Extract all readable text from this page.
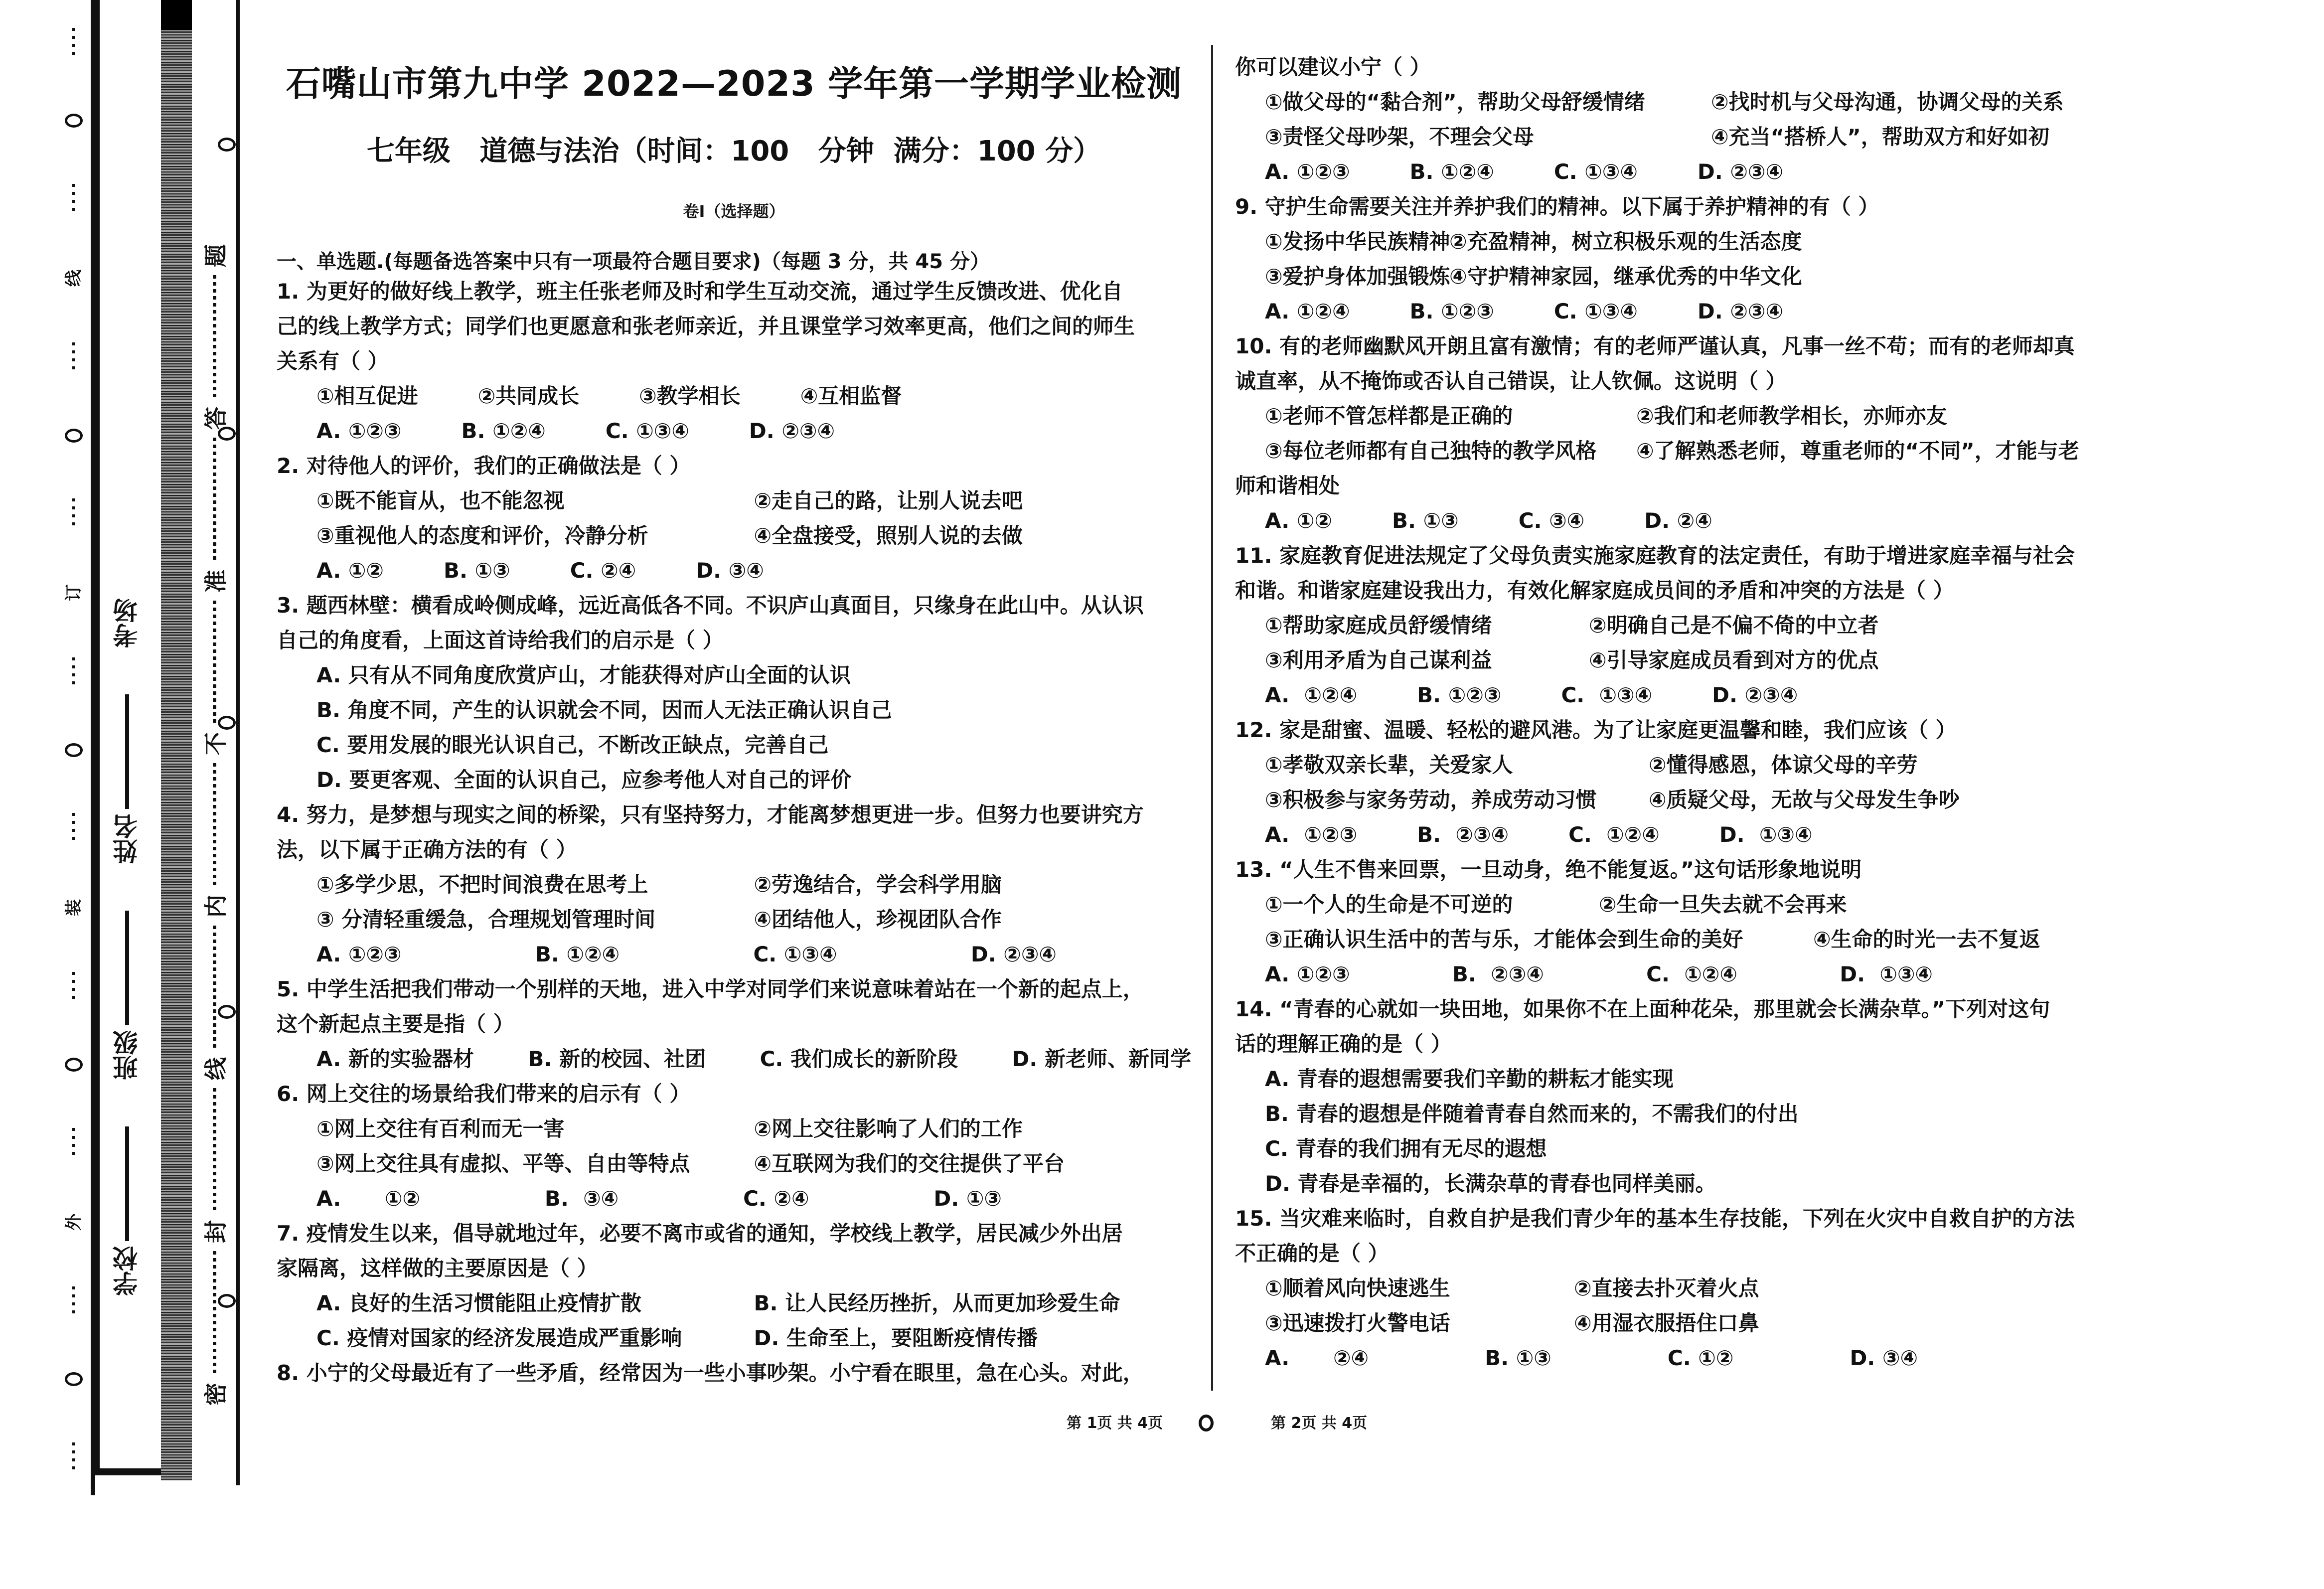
线
订
装
外
学校
班级
姓名
考场
密
封
线
内
不
准
答
题
石嘴山市第九中学 2022—2023 学年第一学期学业检测
七年级   道德与法治（时间：100   分钟  满分：100 分）
卷Ⅰ（选择题）
一、单选题.(每题备选答案中只有一项最符合题目要求)（每题 3 分，共 45 分）
1. 为更好的做好线上教学，班主任张老师及时和学生互动交流，通过学生反馈改进、优化自
己的线上教学方式；同学们也更愿意和张老师亲近，并且课堂学习效率更高，他们之间的师生
关系有（ ）
①相互促进	②共同成长	③教学相长	④互相监督
A. ①②③	B. ①②④	C. ①③④	D. ②③④
2. 对待他人的评价，我们的正确做法是（ ）
①既不能盲从，也不能忽视	②走自己的路，让别人说去吧
③重视他人的态度和评价，冷静分析	④全盘接受，照别人说的去做
A. ①②	B. ①③	C. ②④	D. ③④
3. 题西林壁：横看成岭侧成峰，远近高低各不同。不识庐山真面目，只缘身在此山中。从认识
自己的角度看，上面这首诗给我们的启示是（ ）
A. 只有从不同角度欣赏庐山，才能获得对庐山全面的认识
B. 角度不同，产生的认识就会不同，因而人无法正确认识自己
C. 要用发展的眼光认识自己，不断改正缺点，完善自己
D. 要更客观、全面的认识自己，应参考他人对自己的评价
4. 努力，是梦想与现实之间的桥梁，只有坚持努力，才能离梦想更进一步。但努力也要讲究方
法，以下属于正确方法的有（ ）
①多学少思，不把时间浪费在思考上	②劳逸结合，学会科学用脑
③ 分清轻重缓急，合理规划管理时间	④团结他人，珍视团队合作
A. ①②③	B. ①②④	C. ①③④	D. ②③④
5. 中学生活把我们带动一个别样的天地，进入中学对同学们来说意味着站在一个新的起点上，
这个新起点主要是指（ ）
A. 新的实验器材	B. 新的校园、社团	C. 我们成长的新阶段	D. 新老师、新同学
6. 网上交往的场景给我们带来的启示有（ ）
①网上交往有百利而无一害	②网上交往影响了人们的工作
③网上交往具有虚拟、平等、自由等特点	④互联网为我们的交往提供了平台
A.      ①②	B.  ③④	C. ②④	D. ①③
7. 疫情发生以来，倡导就地过年，必要不离市或省的通知，学校线上教学，居民减少外出居
家隔离，这样做的主要原因是（ ）
A. 良好的生活习惯能阻止疫情扩散	B. 让人民经历挫折，从而更加珍爱生命
C. 疫情对国家的经济发展造成严重影响	D. 生命至上，要阻断疫情传播
8. 小宁的父母最近有了一些矛盾，经常因为一些小事吵架。小宁看在眼里，急在心头。对此，
你可以建议小宁（ ）
①做父母的“黏合剂”，帮助父母舒缓情绪	②找时机与父母沟通，协调父母的关系
③责怪父母吵架，不理会父母	④充当“搭桥人”，帮助双方和好如初
A. ①②③	B. ①②④	C. ①③④	D. ②③④
9. 守护生命需要关注并养护我们的精神。以下属于养护精神的有（ ）
①发扬中华民族精神
②充盈精神，树立积极乐观的生活态度
③爱护身体加强锻炼
④守护精神家园，继承优秀的中华文化
A. ①②④	B. ①②③	C. ①③④	D. ②③④
10. 有的老师幽默风开朗且富有激情；有的老师严谨认真，凡事一丝不苟；而有的老师却真
诚直率，从不掩饰或否认自己错误，让人钦佩。这说明（ ）
①老师不管怎样都是正确的	②我们和老师教学相长，亦师亦友
③每位老师都有自己独特的教学风格	④了解熟悉老师，尊重老师的“不同”，才能与老
师和谐相处
A. ①②	B. ①③	C. ③④	D. ②④
11. 家庭教育促进法规定了父母负责实施家庭教育的法定责任，有助于增进家庭幸福与社会
和谐。和谐家庭建设我出力，有效化解家庭成员间的矛盾和冲突的方法是（ ）
①帮助家庭成员舒缓情绪	②明确自己是不偏不倚的中立者
③利用矛盾为自己谋利益	④引导家庭成员看到对方的优点
A.  ①②④	B. ①②③	C.  ①③④	D. ②③④
12. 家是甜蜜、温暖、轻松的避风港。为了让家庭更温馨和睦，我们应该（ ）
①孝敬双亲长辈，关爱家人	②懂得感恩，体谅父母的辛劳
③积极参与家务劳动，养成劳动习惯	④质疑父母，无故与父母发生争吵
A.  ①②③	B.  ②③④	C.  ①②④	D.  ①③④
13. “人生不售来回票，一旦动身，绝不能复返。”这句话形象地说明
①一个人的生命是不可逆的	②生命一旦失去就不会再来
③正确认识生活中的苦与乐，才能体会到生命的美好	④生命的时光一去不复返
A. ①②③	B.  ②③④	C.  ①②④	D.  ①③④
14. “青春的心就如一块田地，如果你不在上面种花朵，那里就会长满杂草。”下列对这句
话的理解正确的是（ ）
A. 青春的遐想需要我们辛勤的耕耘才能实现
B. 青春的遐想是伴随着青春自然而来的，不需我们的付出
C. 青春的我们拥有无尽的遐想
D. 青春是幸福的，长满杂草的青春也同样美丽。
15. 当灾难来临时，自救自护是我们青少年的基本生存技能，下列在火灾中自救自护的方法
不正确的是（ ）
①顺着风向快速逃生	②直接去扑灭着火点
③迅速拨打火警电话	④用湿衣服捂住口鼻
A.      ②④	B. ①③	C. ①②	D. ③④
第 1页 共 4页	第 2页 共 4页
